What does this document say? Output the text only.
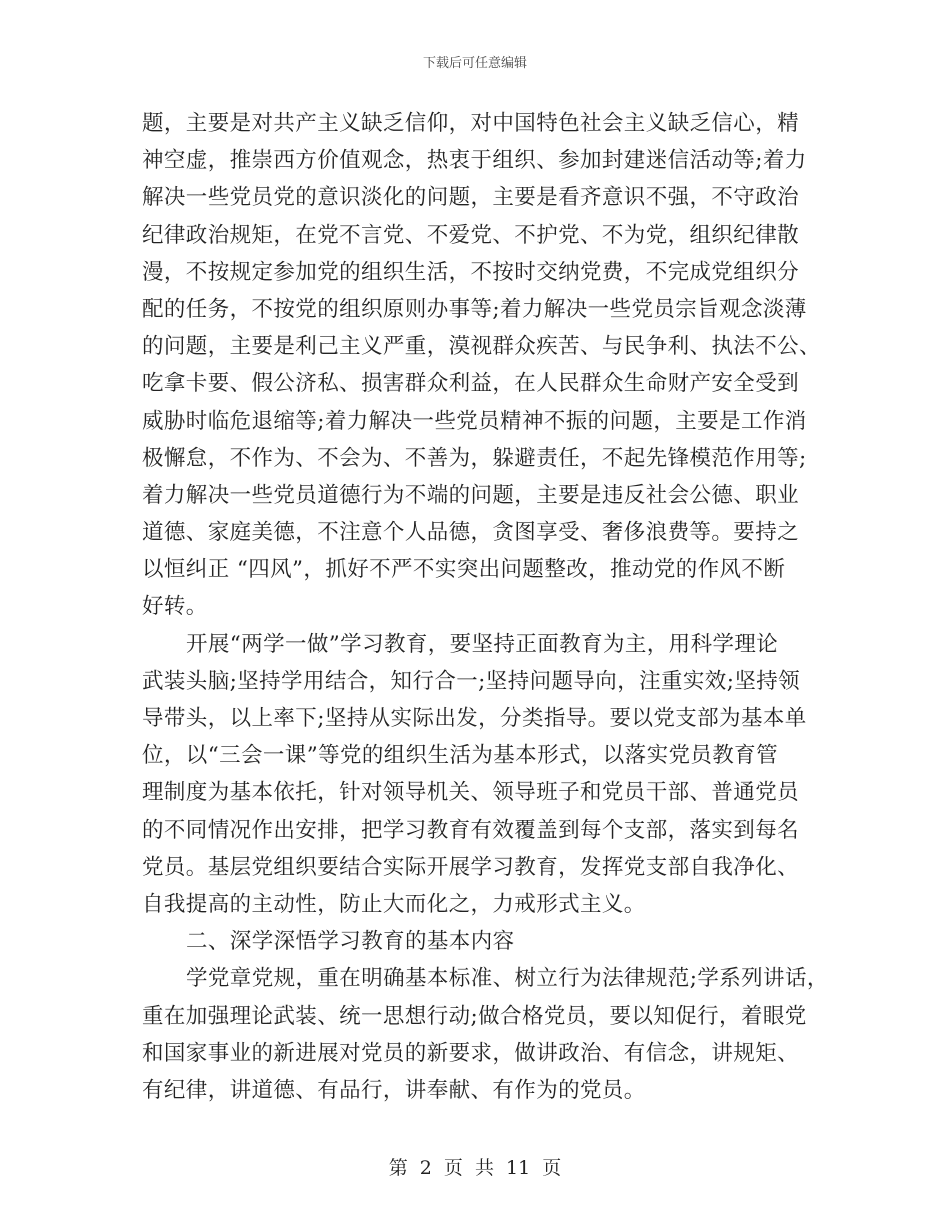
下载后可任意编辑
题，主要是对共产主义缺乏信仰，对中国特色社会主义缺乏信心，精
神空虚，推崇西方价值观念，热衷于组织、参加封建迷信活动等;着力
解决一些党员党的意识淡化的问题，主要是看齐意识不强，不守政治
纪律政治规矩，在党不言党、不爱党、不护党、不为党，组织纪律散
漫，不按规定参加党的组织生活，不按时交纳党费，不完成党组织分
配的任务，不按党的组织原则办事等;着力解决一些党员宗旨观念淡薄
的问题，主要是利己主义严重，漠视群众疾苦、与民争利、执法不公、
吃拿卡要、假公济私、损害群众利益，在人民群众生命财产安全受到
威胁时临危退缩等;着力解决一些党员精神不振的问题，主要是工作消
极懈怠，不作为、不会为、不善为，躲避责任，不起先锋模范作用等;
着力解决一些党员道德行为不端的问题，主要是违反社会公德、职业
道德、家庭美德，不注意个人品德，贪图享受、奢侈浪费等。要持之
以恒纠正 “四风”，抓好不严不实突出问题整改，推动党的作风不断
好转。
开展“两学一做”学习教育，要坚持正面教育为主，用科学理论
武装头脑;坚持学用结合，知行合一;坚持问题导向，注重实效;坚持领
导带头，以上率下;坚持从实际出发，分类指导。要以党支部为基本单
位，以“三会一课”等党的组织生活为基本形式，以落实党员教育管
理制度为基本依托，针对领导机关、领导班子和党员干部、普通党员
的不同情况作出安排，把学习教育有效覆盖到每个支部，落实到每名
党员。基层党组织要结合实际开展学习教育，发挥党支部自我净化、
自我提高的主动性，防止大而化之，力戒形式主义。
二、深学深悟学习教育的基本内容
学党章党规，重在明确基本标准、树立行为法律规范;学系列讲话，
重在加强理论武装、统一思想行动;做合格党员，要以知促行，着眼党
和国家事业的新进展对党员的新要求，做讲政治、有信念，讲规矩、
有纪律，讲道德、有品行，讲奉献、有作为的党员。
第 2 页 共 11 页
